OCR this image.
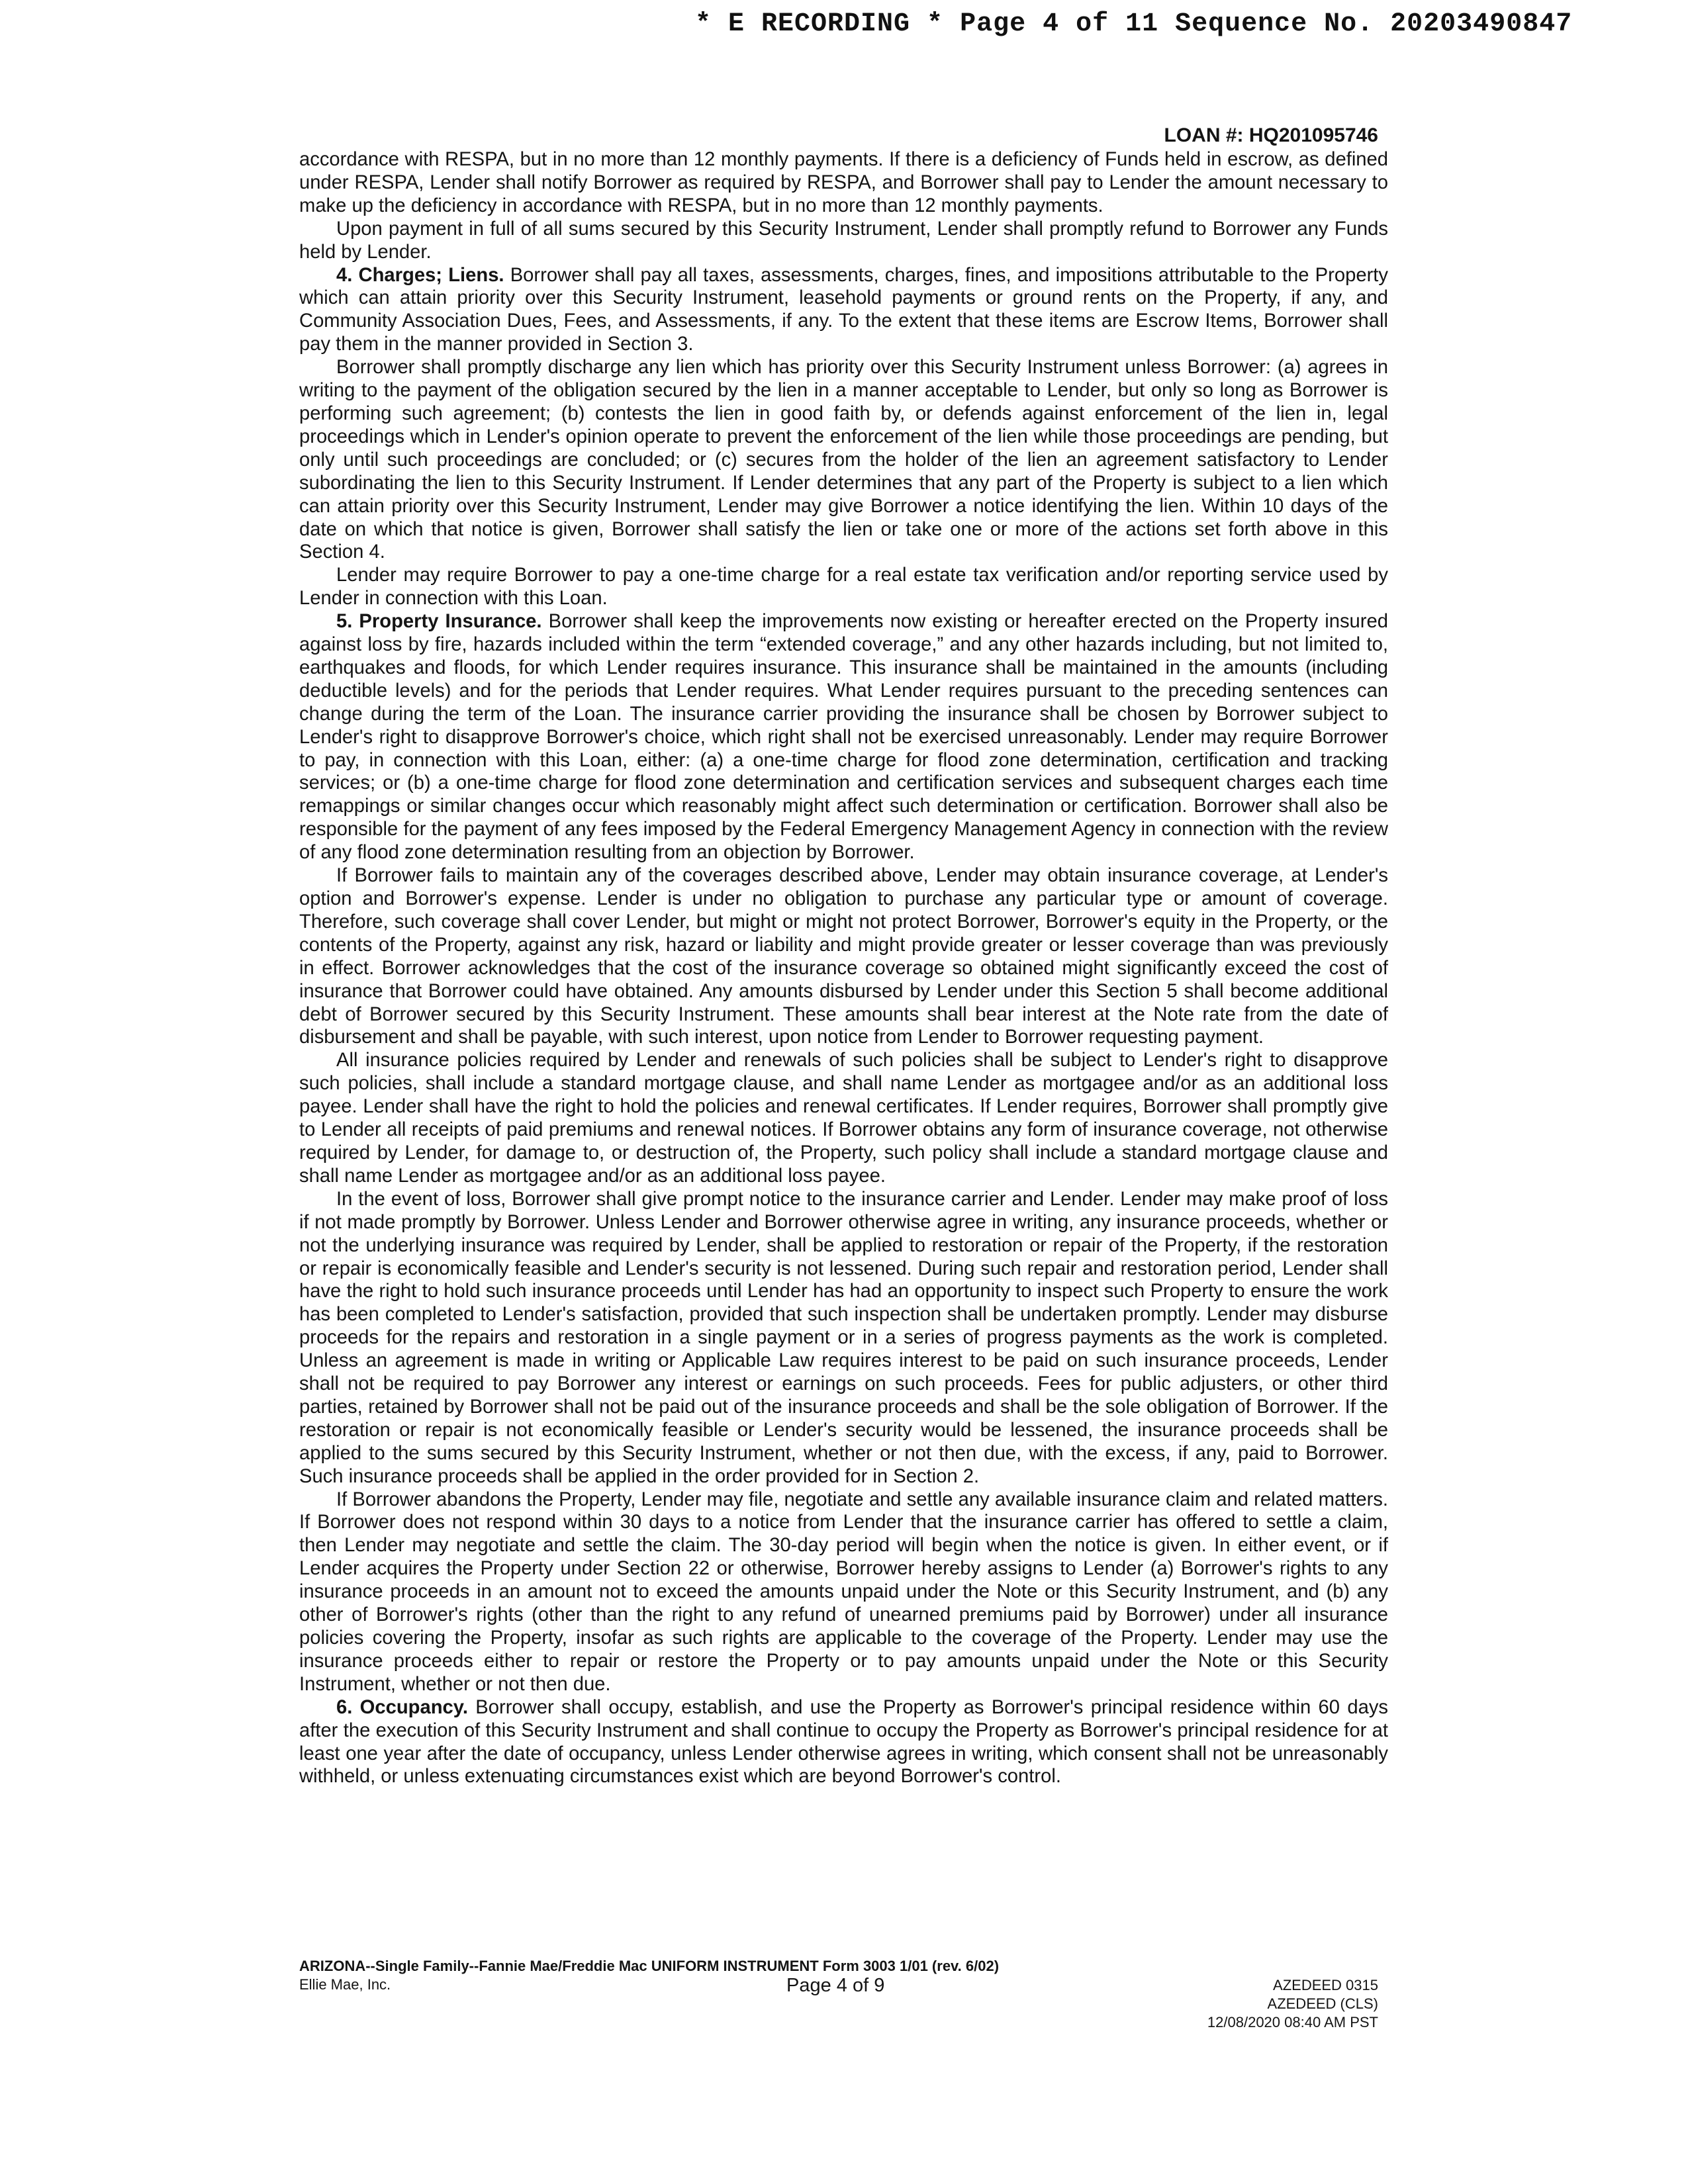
* E RECORDING * Page 4 of 11 Sequence No. 20203490847
LOAN #: HQ201095746

accordance with RESPA, but in no more than 12 monthly payments. If there is a deficiency of Funds held in escrow, as defined under RESPA, Lender shall notify Borrower as required by RESPA, and Borrower shall pay to Lender the amount necessary to make up the deficiency in accordance with RESPA, but in no more than 12 monthly payments.

Upon payment in full of all sums secured by this Security Instrument, Lender shall promptly refund to Borrower any Funds held by Lender.

4. Charges; Liens. Borrower shall pay all taxes, assessments, charges, fines, and impositions attributable to the Property which can attain priority over this Security Instrument, leasehold payments or ground rents on the Property, if any, and Community Association Dues, Fees, and Assessments, if any. To the extent that these items are Escrow Items, Borrower shall pay them in the manner provided in Section 3.

Borrower shall promptly discharge any lien which has priority over this Security Instrument unless Borrower: (a) agrees in writing to the payment of the obligation secured by the lien in a manner acceptable to Lender, but only so long as Borrower is performing such agreement; (b) contests the lien in good faith by, or defends against enforcement of the lien in, legal proceedings which in Lender's opinion operate to prevent the enforcement of the lien while those proceedings are pending, but only until such proceedings are concluded; or (c) secures from the holder of the lien an agreement satisfactory to Lender subordinating the lien to this Security Instrument. If Lender determines that any part of the Property is subject to a lien which can attain priority over this Security Instrument, Lender may give Borrower a notice identifying the lien. Within 10 days of the date on which that notice is given, Borrower shall satisfy the lien or take one or more of the actions set forth above in this Section 4.

Lender may require Borrower to pay a one-time charge for a real estate tax verification and/or reporting service used by Lender in connection with this Loan.

5. Property Insurance. Borrower shall keep the improvements now existing or hereafter erected on the Property insured against loss by fire, hazards included within the term “extended coverage,” and any other hazards including, but not limited to, earthquakes and floods, for which Lender requires insurance. This insurance shall be maintained in the amounts (including deductible levels) and for the periods that Lender requires. What Lender requires pursuant to the preceding sentences can change during the term of the Loan. The insurance carrier providing the insurance shall be chosen by Borrower subject to Lender's right to disapprove Borrower's choice, which right shall not be exercised unreasonably. Lender may require Borrower to pay, in connection with this Loan, either: (a) a one-time charge for flood zone determination, certification and tracking services; or (b) a one-time charge for flood zone determination and certification services and subsequent charges each time remappings or similar changes occur which reasonably might affect such determination or certification. Borrower shall also be responsible for the payment of any fees imposed by the Federal Emergency Management Agency in connection with the review of any flood zone determination resulting from an objection by Borrower.

If Borrower fails to maintain any of the coverages described above, Lender may obtain insurance coverage, at Lender's option and Borrower's expense. Lender is under no obligation to purchase any particular type or amount of coverage. Therefore, such coverage shall cover Lender, but might or might not protect Borrower, Borrower's equity in the Property, or the contents of the Property, against any risk, hazard or liability and might provide greater or lesser coverage than was previously in effect. Borrower acknowledges that the cost of the insurance coverage so obtained might significantly exceed the cost of insurance that Borrower could have obtained. Any amounts disbursed by Lender under this Section 5 shall become additional debt of Borrower secured by this Security Instrument. These amounts shall bear interest at the Note rate from the date of disbursement and shall be payable, with such interest, upon notice from Lender to Borrower requesting payment.

All insurance policies required by Lender and renewals of such policies shall be subject to Lender's right to disapprove such policies, shall include a standard mortgage clause, and shall name Lender as mortgagee and/or as an additional loss payee. Lender shall have the right to hold the policies and renewal certificates. If Lender requires, Borrower shall promptly give to Lender all receipts of paid premiums and renewal notices. If Borrower obtains any form of insurance coverage, not otherwise required by Lender, for damage to, or destruction of, the Property, such policy shall include a standard mortgage clause and shall name Lender as mortgagee and/or as an additional loss payee.

In the event of loss, Borrower shall give prompt notice to the insurance carrier and Lender. Lender may make proof of loss if not made promptly by Borrower. Unless Lender and Borrower otherwise agree in writing, any insurance proceeds, whether or not the underlying insurance was required by Lender, shall be applied to restoration or repair of the Property, if the restoration or repair is economically feasible and Lender's security is not lessened. During such repair and restoration period, Lender shall have the right to hold such insurance proceeds until Lender has had an opportunity to inspect such Property to ensure the work has been completed to Lender's satisfaction, provided that such inspection shall be undertaken promptly. Lender may disburse proceeds for the repairs and restoration in a single payment or in a series of progress payments as the work is completed. Unless an agreement is made in writing or Applicable Law requires interest to be paid on such insurance proceeds, Lender shall not be required to pay Borrower any interest or earnings on such proceeds. Fees for public adjusters, or other third parties, retained by Borrower shall not be paid out of the insurance proceeds and shall be the sole obligation of Borrower. If the restoration or repair is not economically feasible or Lender's security would be lessened, the insurance proceeds shall be applied to the sums secured by this Security Instrument, whether or not then due, with the excess, if any, paid to Borrower. Such insurance proceeds shall be applied in the order provided for in Section 2.

If Borrower abandons the Property, Lender may file, negotiate and settle any available insurance claim and related matters. If Borrower does not respond within 30 days to a notice from Lender that the insurance carrier has offered to settle a claim, then Lender may negotiate and settle the claim. The 30-day period will begin when the notice is given. In either event, or if Lender acquires the Property under Section 22 or otherwise, Borrower hereby assigns to Lender (a) Borrower's rights to any insurance proceeds in an amount not to exceed the amounts unpaid under the Note or this Security Instrument, and (b) any other of Borrower's rights (other than the right to any refund of unearned premiums paid by Borrower) under all insurance policies covering the Property, insofar as such rights are applicable to the coverage of the Property. Lender may use the insurance proceeds either to repair or restore the Property or to pay amounts unpaid under the Note or this Security Instrument, whether or not then due.

6. Occupancy. Borrower shall occupy, establish, and use the Property as Borrower's principal residence within 60 days after the execution of this Security Instrument and shall continue to occupy the Property as Borrower's principal residence for at least one year after the date of occupancy, unless Lender otherwise agrees in writing, which consent shall not be unreasonably withheld, or unless extenuating circumstances exist which are beyond Borrower's control.

ARIZONA--Single Family--Fannie Mae/Freddie Mac UNIFORM INSTRUMENT Form 3003 1/01 (rev. 6/02)
Ellie Mae, Inc.	Page 4 of 9	AZEDEED 0315
AZEDEED (CLS)
12/08/2020 08:40 AM PST
